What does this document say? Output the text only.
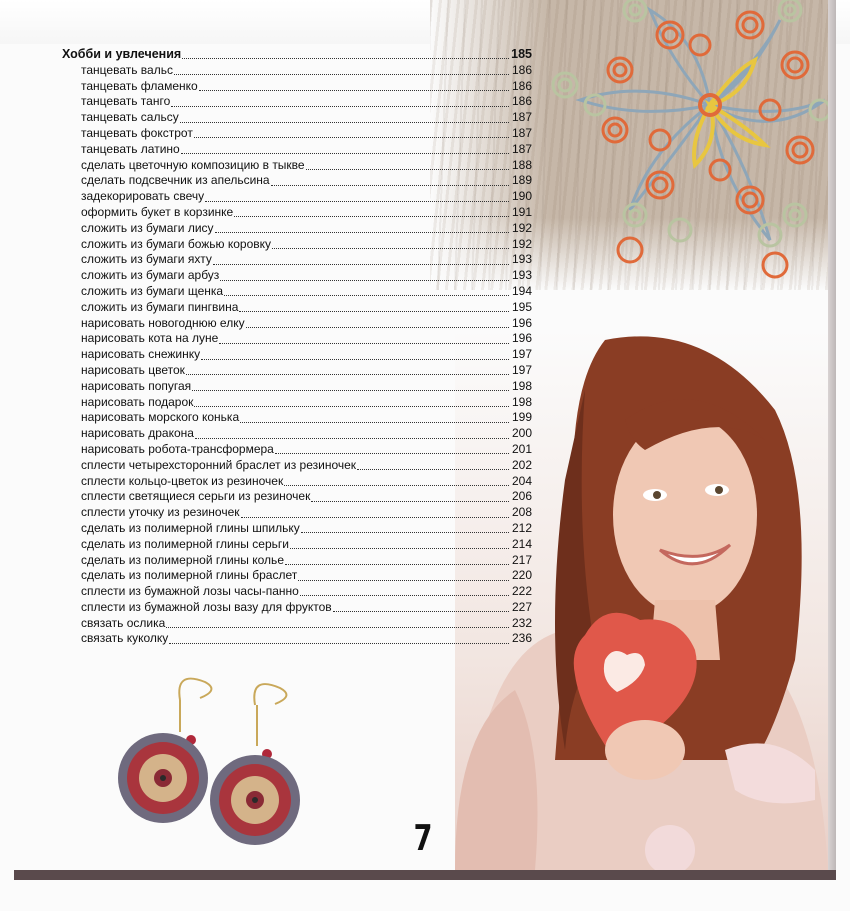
Хобби и увлечения	185
танцевать вальс	186
танцевать фламенко	186
танцевать танго	186
танцевать сальсу	187
танцевать фокстрот	187
танцевать латино	187
сделать цветочную композицию в тыкве	188
сделать подсвечник из апельсина	189
задекорировать свечу	190
оформить букет в корзинке	191
сложить из бумаги лису	192
сложить из бумаги божью коровку	192
сложить из бумаги яхту	193
сложить из бумаги арбуз	193
сложить из бумаги щенка	194
сложить из бумаги пингвина	195
нарисовать новогоднюю елку	196
нарисовать кота на луне	196
нарисовать снежинку	197
нарисовать цветок	197
нарисовать попугая	198
нарисовать подарок	198
нарисовать морского конька	199
нарисовать дракона	200
нарисовать робота-трансформера	201
сплести четырехсторонний браслет из резиночек	202
сплести кольцо-цветок из резиночек	204
сплести светящиеся серьги из резиночек	206
сплести уточку из резиночек	208
сделать из полимерной глины шпильку	212
сделать из полимерной глины серьги	214
сделать из полимерной глины колье	217
сделать из полимерной глины браслет	220
сплести из бумажной лозы часы-панно	222
сплести из бумажной лозы вазу для фруктов	227
связать ослика	232
связать куколку	236
7
